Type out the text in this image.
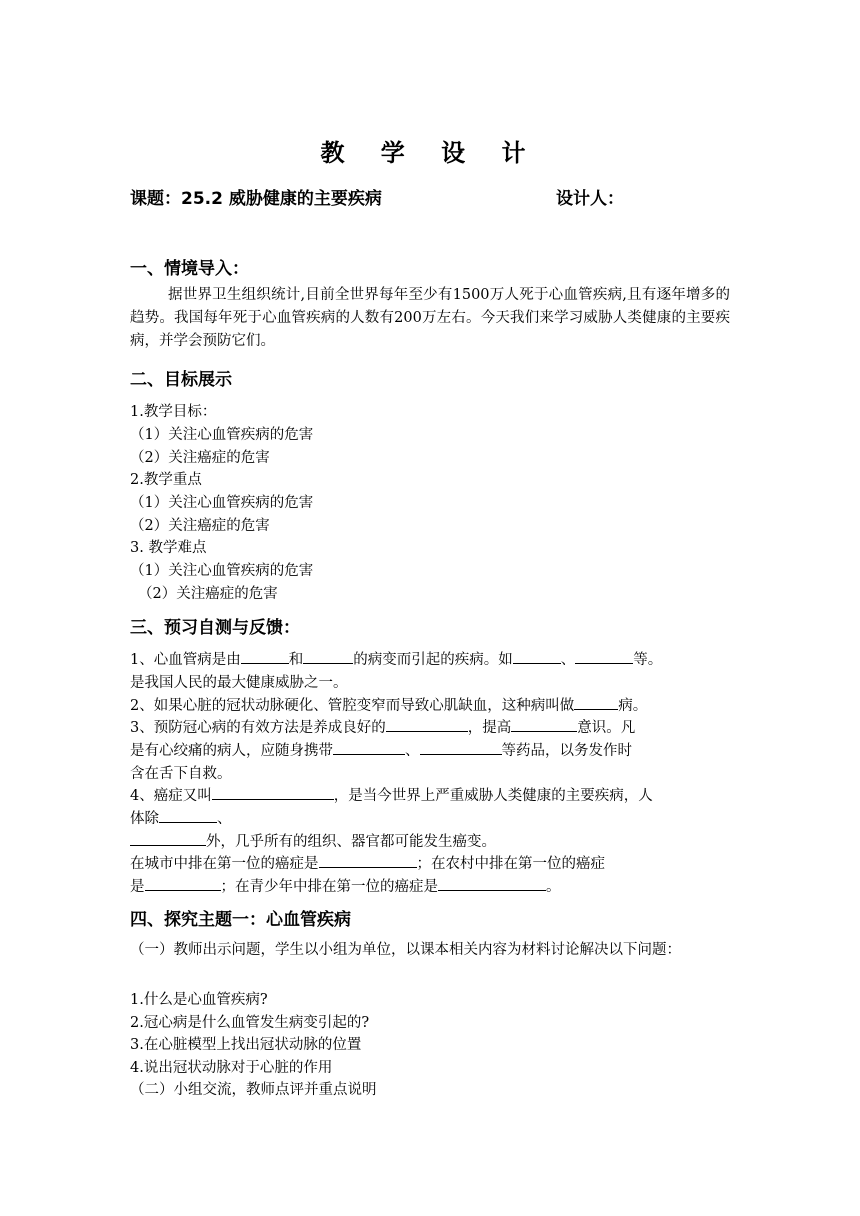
教 学 设 计
课题：25.2 威胁健康的主要疾病	设计人：
一、情境导入：
据世界卫生组织统计,目前全世界每年至少有1500万人死于心血管疾病,且有逐年增多的趋势。我国每年死于心血管疾病的人数有200万左右。今天我们来学习威胁人类健康的主要疾病，并学会预防它们。
二、目标展示
1.教学目标：
（1）关注心血管疾病的危害
（2）关注癌症的危害
2.教学重点
（1）关注心血管疾病的危害
（2）关注癌症的危害
3. 教学难点
（1）关注心血管疾病的危害
（2）关注癌症的危害
三、预习自测与反馈：
1、心血管病是由	和	的病变而引起的疾病。如	、	等。
是我国人民的最大健康威胁之一。
2、如果心脏的冠状动脉硬化、管腔变窄而导致心肌缺血，这种病叫做	病。
3、预防冠心病的有效方法是养成良好的	，提高	意识。凡
是有心绞痛的病人，应随身携带	、	等药品，以务发作时
含在舌下自救。
4、癌症又叫	，是当今世界上严重威胁人类健康的主要疾病，人
体除	、
外，几乎所有的组织、器官都可能发生癌变。
在城市中排在第一位的癌症是	；在农村中排在第一位的癌症
是	；在青少年中排在第一位的癌症是	。
四、探究主题一：心血管疾病
（一）教师出示问题，学生以小组为单位，以课本相关内容为材料讨论解决以下问题：
1.什么是心血管疾病?
2.冠心病是什么血管发生病变引起的?
3.在心脏模型上找出冠状动脉的位置
4.说出冠状动脉对于心脏的作用
（二）小组交流，教师点评并重点说明
